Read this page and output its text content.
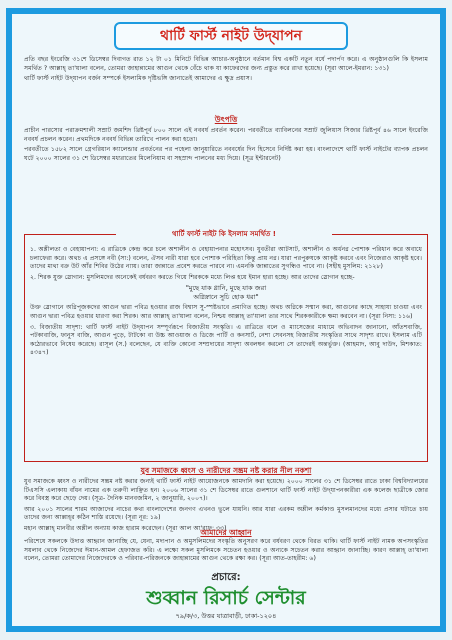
থার্টি ফার্স্ট নাইট উদ্‌যাপন

প্রতি বছর ইংরেজি ৩১শে ডিসেম্বর দিবাগত রাত ১২ টা ০১ মিনিটে বিভিন্ন আচার-অনুষ্ঠানে বর্তমান বিশ্ব একটি নতুন বর্ষে পদার্পণ করে। এ অনুষ্ঠানগুলি কি ইসলাম সমর্থিত ? আল্লাহ্‌ তা'য়ালা বলেন, তোমরা জাহান্নামের আগুন থেকে বেঁচে থাক যা কাফেরদের জন্য প্রস্তুত করে রাখা হয়েছে। (সূরা আলে-ইমরান: ১৩১)

থার্টি ফার্স্ট নাইট উদ্‌যাপন বর্জন সম্পর্কে ইসলামিক দৃষ্টিভঙ্গি জানাতেই আমাদের এ ক্ষুদ্র প্রয়াস।

উৎপত্তি

প্রাচীন পারস্যের পরাক্রমশালী সম্রাট জমশিদ খ্রিষ্টপূর্ব ৮০০ সালে এই নববর্ষ প্রবর্তন করেন। পরবর্তীতে ব্যাবিলনের সম্রাট জুলিয়াস সিজার খ্রিষ্টপূর্ব ৪৬ সালে ইংরেজি নববর্ষ প্রচলন করেন। প্রথমদিকে নববর্ষ বিভিন্ন তারিখে পালন করা হতো।

পরবর্তীতে ১৫৮২ সালে গ্রেগরিয়ান ক্যালেন্ডার প্রবর্তনের পর পহেলা জানুয়ারিতে নববর্ষের দিন হিসেবে নির্দিষ্ট করা হয়। বাংলাদেশে থার্টি ফার্স্ট নাইটের ব্যাপক প্রচলন ঘটে ২০০০ সালের ৩১ শে ডিসেম্বর মধ্যরাতের মিলেনিয়াম বা সহস্রাব্দ পালনের মধ্য দিয়ে। (সূত্র ইন্টারনেট)

থার্টি ফার্স্ট নাইট কি ইসলাম সমর্থিত !

১. অশ্লীলতা ও বেহায়াপনা: এ রাত্রিকে কেন্দ্র করে চলে অশালীন ও বেহায়াপনার মহোৎসব। যুবতীরা আটসাট, অশালীন ও অর্ধনগ্ন পোশাক পরিধান করে অবাধে চলাফেরা করে। অথচ এ প্রসঙ্গে নবী (সা:) বলেন, ঐসব নারী যারা হবে পোশাক পরিহিতা কিন্তু প্রায় নগ্ন। যারা পরপুরুষকে আকৃষ্ট করবে এবং নিজেরাও আকৃষ্ট হবে। তাদের মাথা বক্র উট আঁর শিবির উঠের ন্যায়। তারা জান্নাতে প্রবেশ করতে পারবে না। এমনকি জান্নাতের সুগন্ধিও পাবে না। (সহীহ মুসলিম: ২১২৮)

২. শিরক যুক্ত স্লোগান: মুসলিমদের অনেকেই বর্ষবরণ করতে গিয়ে শিরককে মধ্যে লিপ্ত হয়ে ইমান হারা হচ্ছে। আর তাদের স্লোগান হচ্ছে-

"মুছে যাক গ্লানি, মুছে যাক জরা
অগ্নিস্নানে সুচি হোক ধরা"

উক্ত স্লোগানে অগ্নিপূজকদের আগুন দ্বারা পবিত্র হওয়ার রাজ বিশ্বাস সু-স্পষ্টভাবে প্রমাণিত হচ্ছে। অথচ অগ্নিকে সম্মান করা, আগুনের কাছে সাহায্য চাওয়া এবং আগুন দ্বারা পবিত্র হওয়ার ধারণা করা শিরক। আর আল্লাহ্‌ তা'য়ালা বলেন, নিশ্চয় আল্লাহ্‌ তা'য়ালা তার সাথে শিরককারীকে ক্ষমা করবেন না। (সূরা নিসা: ১১৬)

৩. বিজাতীয় সাদৃশ্য: থার্টি ফার্স্ট নাইট উদ্‌যাপন সম্পূর্ণরূপে বিজাতীয় সংস্কৃতি। এ রাত্রিতে বলে ও ম্যাসেজের মাধ্যমে অভিবাদন জানানো, আঁতশবাজি, পটকাবাজি, ফানুস বাজি, আগুন পুড়ে, টাটকো বা উচ্চ আওয়াজ ও ডিজে পার্টি ও কনসার্ট, নেশা সেবনসহ বিজাতীয় সংস্কৃতির সাথে সাদৃশ্য রাখে। ইসলাম এটি কঠোরভাবে নিষেধ করেছে। রাসূল (স.) বলেছেন, যে ব্যক্তি কোনো সম্প্রদায়ের সাদৃশ্য অবলম্বন করলো সে তাদেরই অন্তর্ভুক্ত। (আহমাদ, আবু দাউদ, মিশকাত: ৪৩৪৭)

যুব সমাজকে ধ্বংস ও নারীদের সম্ভ্রম নষ্ট করার নীল নকশা

যুব সমাজকে ধ্বংস ও নারীদের সম্ভ্রম নষ্ট করার জন্যই থার্টি ফার্স্ট নাইট আয়োজনকে আমদানি করা হয়েছে। ২০০০ সালের ৩১ শে ডিসেম্বর রাতে ঢাকা বিশ্ববিদ্যালয়ের টিএসসি এলাকায় বাঁধন নামের এক তরুণী লাঞ্ছিত হন। ২০০৬ সালের ৩১ শে ডিসেম্বর রাতে গুলশানে থার্টি ফার্স্ট নাইট উদ্‌যাপনকারীরা এক কলেজ ছাত্রীকে জোর করে বিবস্ত্র করে ছেড়ে দেয়। (সূত্র- দৈনিক মানবজমিন, ২ জানুয়ারি, ২০০৭)।

আর ২০০১ সালের শারম আজাদের নাচের কথা বাংলাদেশের জনগণ এখনও ভুলে যায়নি। আর যারা এরকম অশ্লীল কর্মকাণ্ড মুসলমানদের মধ্যে প্রসার ঘটাতে চায় তাদের জন্য আল্লাহ্‌র কঠিন শাস্তি রয়েছে। (সূরা নূর: ১৯)

মহান আল্লাহ্‌ মানবীর অশ্লীল অন্যায় কাজ হারাম করেছেন। (সূরা আল আ'রাফ: ৩৩)

আমাদের আহ্বান

পরিশেষে সকলকে উদাত্ত আহ্বান জানাচ্ছি যে, যেনা, মদ্যপান ও অমুসলিমদের সংস্কৃতি অনুসরণ করে বর্ষবরণ থেকে বিরত থাকি। থার্টি ফার্স্ট নাইট নামক অপসংস্কৃতির সয়লাব থেকে নিজেদের ঈমান-আমল হেফাজত করি। এ লক্ষ্যে সকল মুসলিমকে সচেতন হওয়ার ও অন্যকে সচেতন করার আহ্বান জানাচ্ছি। কারণ আল্লাহ্‌ তা'য়ালা বলেন, তোমরা তোমাদের নিজেদেরকে ও পরিবার-পরিজনকে জাহান্নামের আগুন থেকে রক্ষা কর। (সূরা আত-তাহরীম: ৬)

প্রচারে:
শুব্বান রিসার্চ সেন্টার
৭৯/ক/৩, উত্তর যাত্রাবাড়ী, ঢাকা-১২০৪
